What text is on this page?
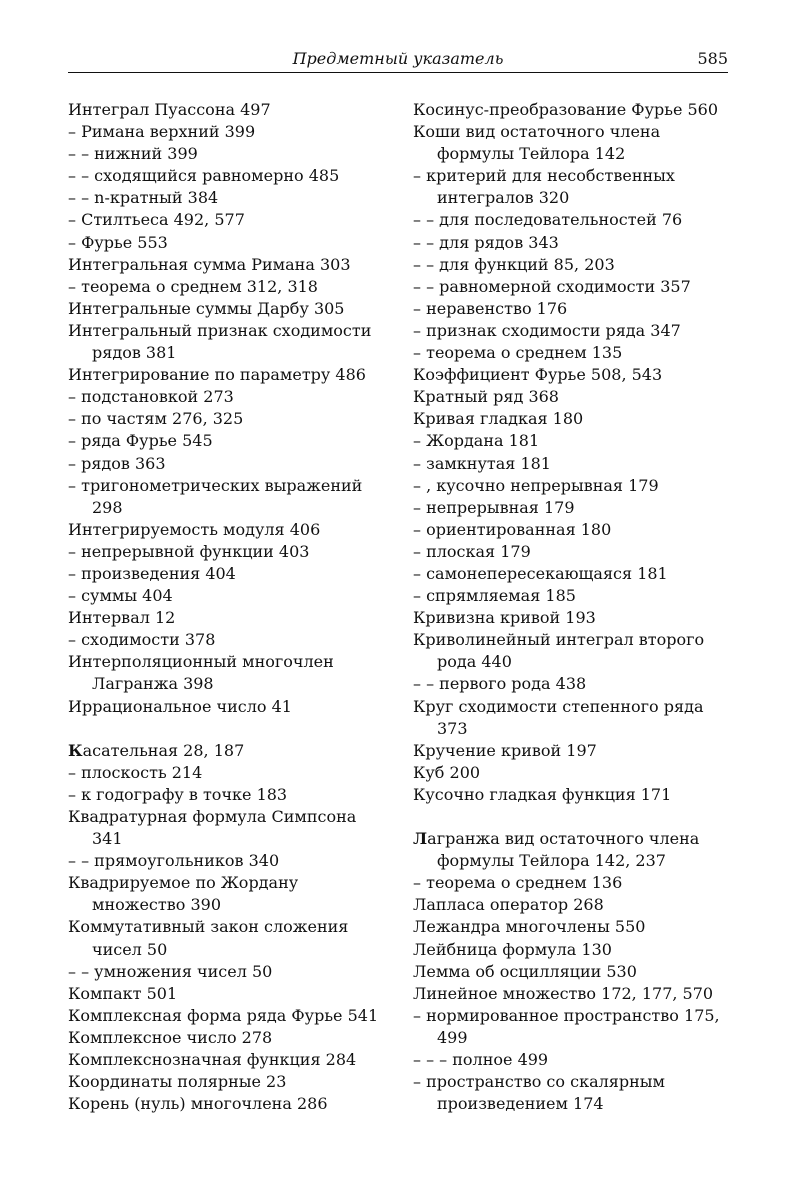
Предметный указатель	585

Интеграл Пуассона 497

– Римана верхний 399

– – нижний 399

– – сходящийся равномерно 485

– – n-кратный 384

– Стилтьеса 492, 577

– Фурье 553

Интегральная сумма Римана 303

– теорема о среднем 312, 318

Интегральные суммы Дарбу 305

Интегральный признак сходимости рядов 381

Интегрирование по параметру 486

– подстановкой 273

– по частям 276, 325

– ряда Фурье 545

– рядов 363

– тригонометрических выражений 298

Интегрируемость модуля 406

– непрерывной функции 403

– произведения 404

– суммы 404

Интервал 12

– сходимости 378

Интерполяционный многочлен Лагранжа 398

Иррациональное число 41

Касательная 28, 187

– плоскость 214

– к годографу в точке 183

Квадратурная формула Симпсона 341

– – прямоугольников 340

Квадрируемое по Жордану множество 390

Коммутативный закон сложения чисел 50

– – умножения чисел 50

Компакт 501

Комплексная форма ряда Фурье 541

Комплексное число 278

Комплекснозначная функция 284

Координаты полярные 23

Корень (нуль) многочлена 286

Косинус-преобразование Фурье 560

Коши вид остаточного члена формулы Тейлора 142

– критерий для несобственных интегралов 320

– – для последовательностей 76

– – для рядов 343

– – для функций 85, 203

– – равномерной сходимости 357

– неравенство 176

– признак сходимости ряда 347

– теорема о среднем 135

Коэффициент Фурье 508, 543

Кратный ряд 368

Кривая гладкая 180

– Жордана 181

– замкнутая 181

– , кусочно непрерывная 179

– непрерывная 179

– ориентированная 180

– плоская 179

– самонепересекающаяся 181

– спрямляемая 185

Кривизна кривой 193

Криволинейный интеграл второго рода 440

– – первого рода 438

Круг сходимости степенного ряда 373

Кручение кривой 197

Куб 200

Кусочно гладкая функция 171

Лагранжа вид остаточного члена формулы Тейлора 142, 237

– теорема о среднем 136

Лапласа оператор 268

Лежандра многочлены 550

Лейбница формула 130

Лемма об осцилляции 530

Линейное множество 172, 177, 570

– нормированное пространство 175, 499

– – – полное 499

– пространство со скалярным произведением 174
